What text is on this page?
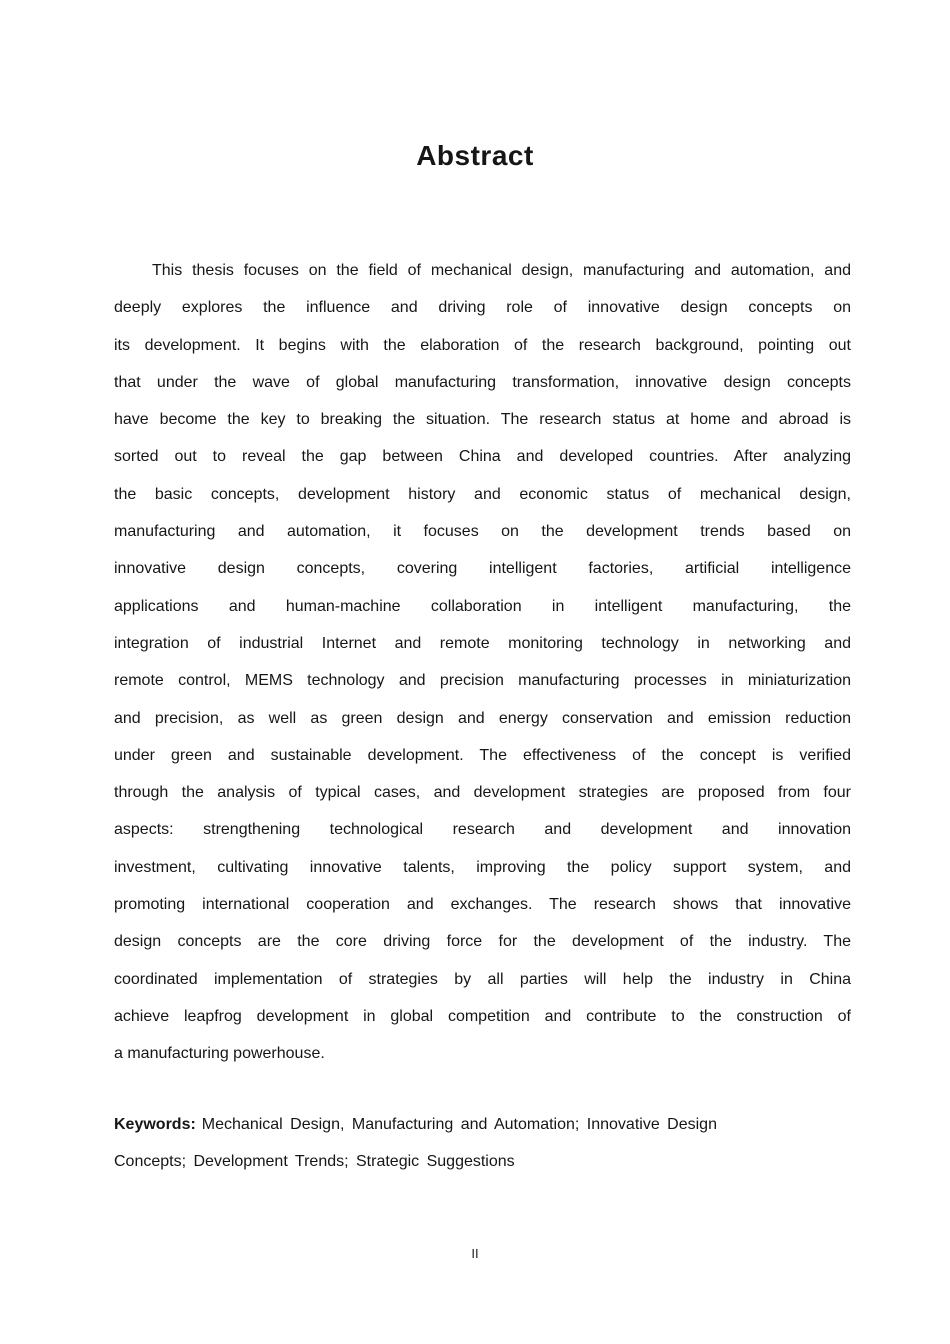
Abstract
This thesis focuses on the field of mechanical design, manufacturing and automation, and
deeply explores the influence and driving role of innovative design concepts on
its development. It begins with the elaboration of the research background, pointing out
that under the wave of global manufacturing transformation, innovative design concepts
have become the key to breaking the situation. The research status at home and abroad is
sorted out to reveal the gap between China and developed countries. After analyzing
the basic concepts, development history and economic status of mechanical design,
manufacturing and automation, it focuses on the development trends based on
innovative design concepts, covering intelligent factories, artificial intelligence
applications and human-machine collaboration in intelligent manufacturing, the
integration of industrial Internet and remote monitoring technology in networking and
remote control, MEMS technology and precision manufacturing processes in miniaturization
and precision, as well as green design and energy conservation and emission reduction
under green and sustainable development. The effectiveness of the concept is verified
through the analysis of typical cases, and development strategies are proposed from four
aspects: strengthening technological research and development and innovation
investment, cultivating innovative talents, improving the policy support system, and
promoting international cooperation and exchanges. The research shows that innovative
design concepts are the core driving force for the development of the industry. The
coordinated implementation of strategies by all parties will help the industry in China
achieve leapfrog development in global competition and contribute to the construction of
a manufacturing powerhouse.
Keywords: Mechanical Design, Manufacturing and Automation; Innovative Design
Concepts; Development Trends; Strategic Suggestions
II
